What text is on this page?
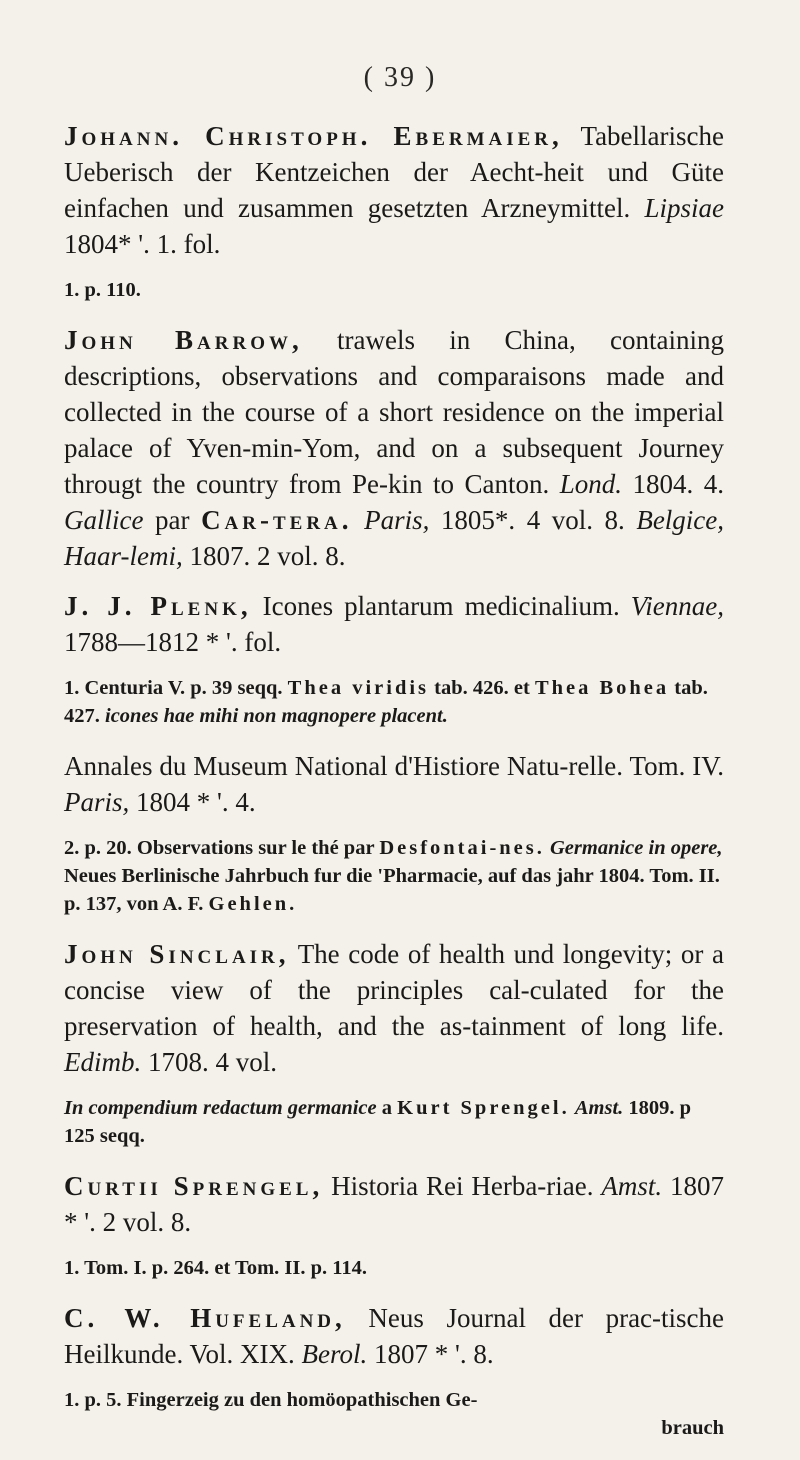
( 39 )

Johann. Christoph. Ebermaier, Tabellarische Ueberisch der Kentzeichen der Aecht-heit und Güte einfachen und zusammen gesetzten Arzneymittel. Lipsiae 1804* '. 1. fol.

1. p. 110.

John Barrow, trawels in China, containing descriptions, observations and comparaisons made and collected in the course of a short residence on the imperial palace of Yven-min-Yom, and on a subsequent Journey througt the country from Pe-kin to Canton. Lond. 1804. 4. Gallice par Car-tera. Paris, 1805*. 4 vol. 8. Belgice, Haar-lemi, 1807. 2 vol. 8.

J. J. Plenk, Icones plantarum medicinalium. Viennae, 1788—1812 * '. fol.

1. Centuria V. p. 39 seqq. Thea viridis tab. 426. et Thea Bohea tab. 427. icones hae mihi non magnopere placent.

Annales du Museum National d'Histiore Natu-relle. Tom. IV. Paris, 1804 * '. 4.

2. p. 20. Observations sur le thé par Desfontai-nes. Germanice in opere, Neues Berlinische Jahrbuch fur die 'Pharmacie, auf das jahr 1804. Tom. II. p. 137, von A. F. Gehlen.

John Sinclair, The code of health und longevity; or a concise view of the principles cal-culated for the preservation of health, and the as-tainment of long life. Edimb. 1708. 4 vol.

In compendium redactum germanice a Kurt Sprengel. Amst. 1809. p 125 seqq.

Curtii Sprengel, Historia Rei Herba-riae. Amst. 1807 * '. 2 vol. 8.

1. Tom. I. p. 264. et Tom. II. p. 114.

C. W. Hufeland, Neus Journal der prac-tische Heilkunde. Vol. XIX. Berol. 1807 * '. 8.

1. p. 5. Fingerzeig zu den homöopathischen Ge-
brauch
